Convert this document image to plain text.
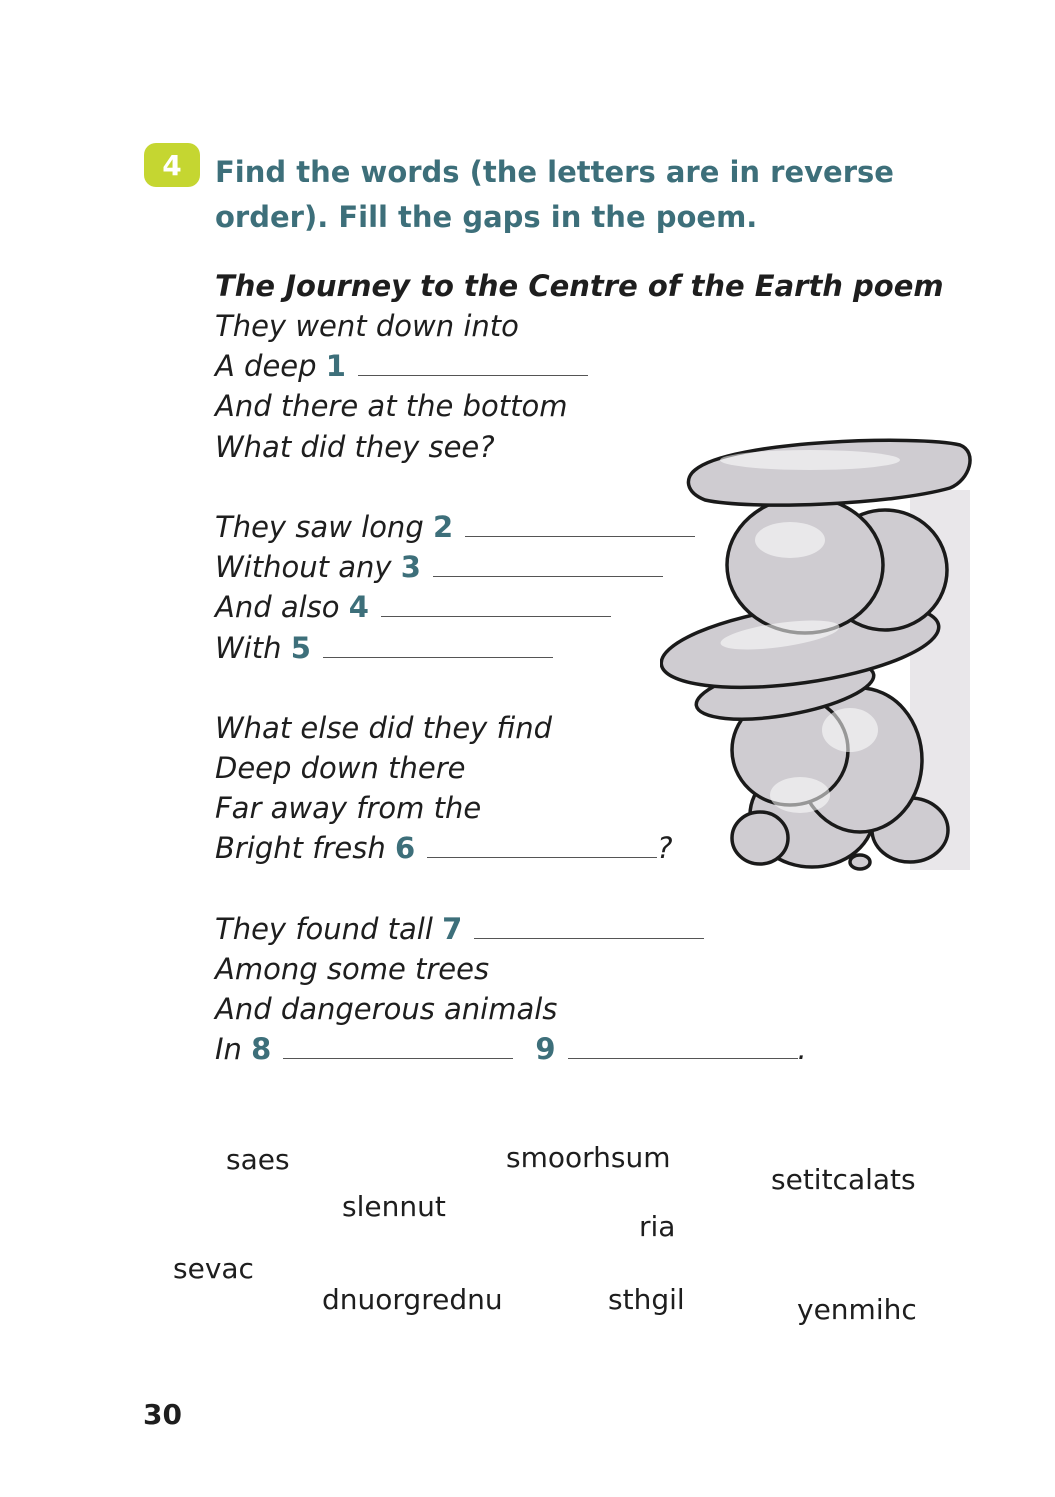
4	Find the words (the letters are in reverse
order). Fill the gaps in the poem.
The Journey to the Centre of the Earth poem
They went down into
A deep 1
And there at the bottom
What did they see?
They saw long 2
Without any 3
And also 4
With 5
What else did they find
Deep down there
Far away from the
Bright fresh 6	?
They found tall 7
Among some trees
And dangerous animals
In 8	9	.
saes	smoorhsum
setitcalats
slennut
ria
sevac
dnuorgrednu	sthgil	yenmihc
30
